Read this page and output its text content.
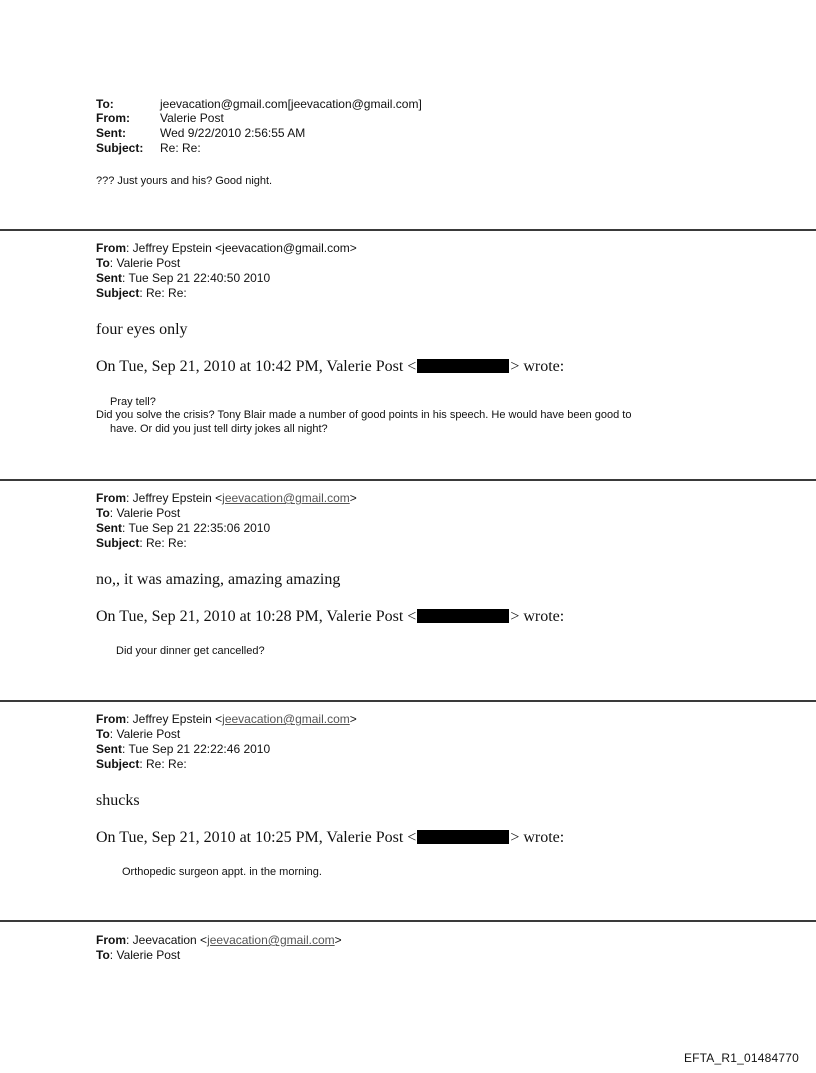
To:	jeevacation@gmail.com[jeevacation@gmail.com]
From:	Valerie Post
Sent:	Wed 9/22/2010 2:56:55 AM
Subject: Re: Re:
??? Just yours and his? Good night.
From: Jeffrey Epstein <jeevacation@gmail.com>
To: Valerie Post
Sent: Tue Sep 21 22:40:50 2010
Subject: Re: Re:
four eyes only
On Tue, Sep 21, 2010 at 10:42 PM, Valerie Post <	> wrote:
Pray tell?
Did you solve the crisis? Tony Blair made a number of good points in his speech. He would have been good to
have. Or did you just tell dirty jokes all night?
From: Jeffrey Epstein <jeevacation@gmail.com>
To: Valerie Post
Sent: Tue Sep 21 22:35:06 2010
Subject: Re: Re:
no,, it was amazing, amazing amazing
On Tue, Sep 21, 2010 at 10:28 PM, Valerie Post <	> wrote:
Did your dinner get cancelled?
From: Jeffrey Epstein <jeevacation@gmail.com>
To: Valerie Post
Sent: Tue Sep 21 22:22:46 2010
Subject: Re: Re:
shucks
On Tue, Sep 21, 2010 at 10:25 PM, Valerie Post <	> wrote:
Orthopedic surgeon appt. in the morning.
From: Jeevacation <jeevacation@gmail.com>
To: Valerie Post
EFTA_R1_01484770
